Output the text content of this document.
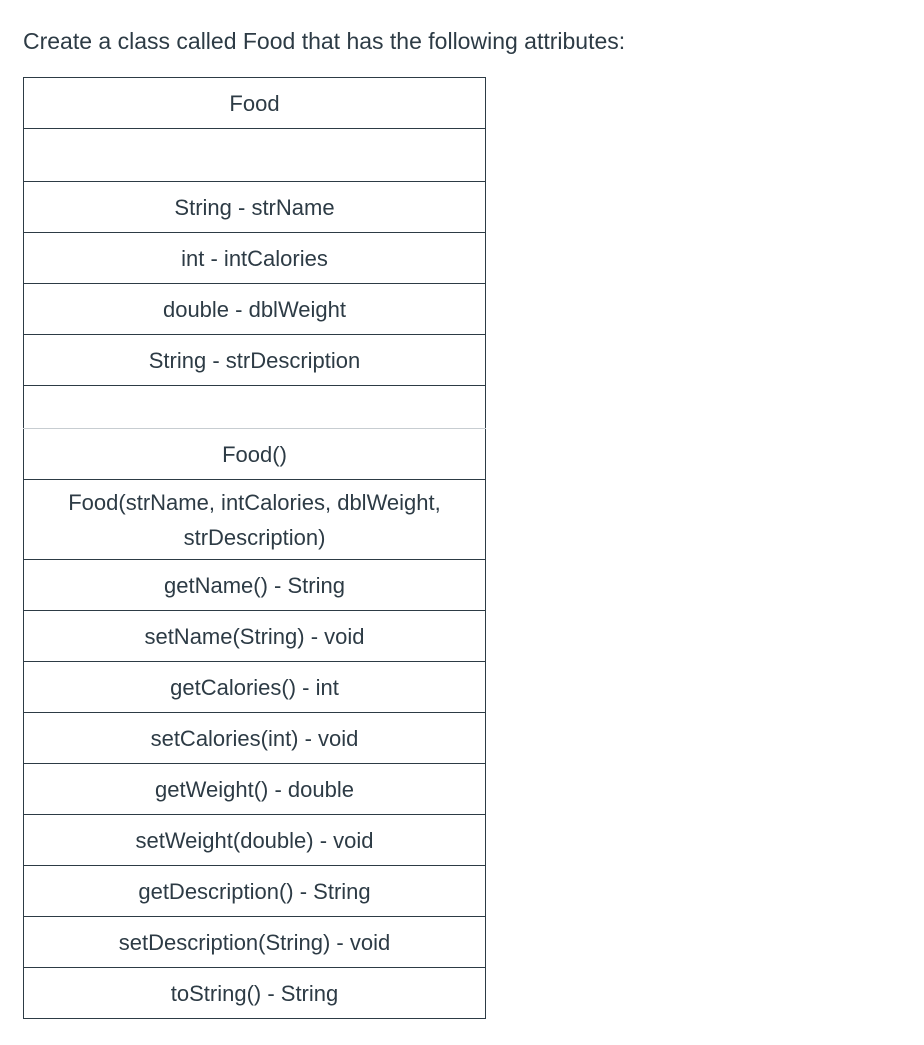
Create a class called Food that has the following attributes:
Food

String - strName
int - intCalories
double - dblWeight
String - strDescription

Food()
Food(strName, intCalories, dblWeight, strDescription)
getName() - String
setName(String) - void
getCalories() - int
setCalories(int) - void
getWeight() - double
setWeight(double) - void
getDescription() - String
setDescription(String) - void
toString() - String
